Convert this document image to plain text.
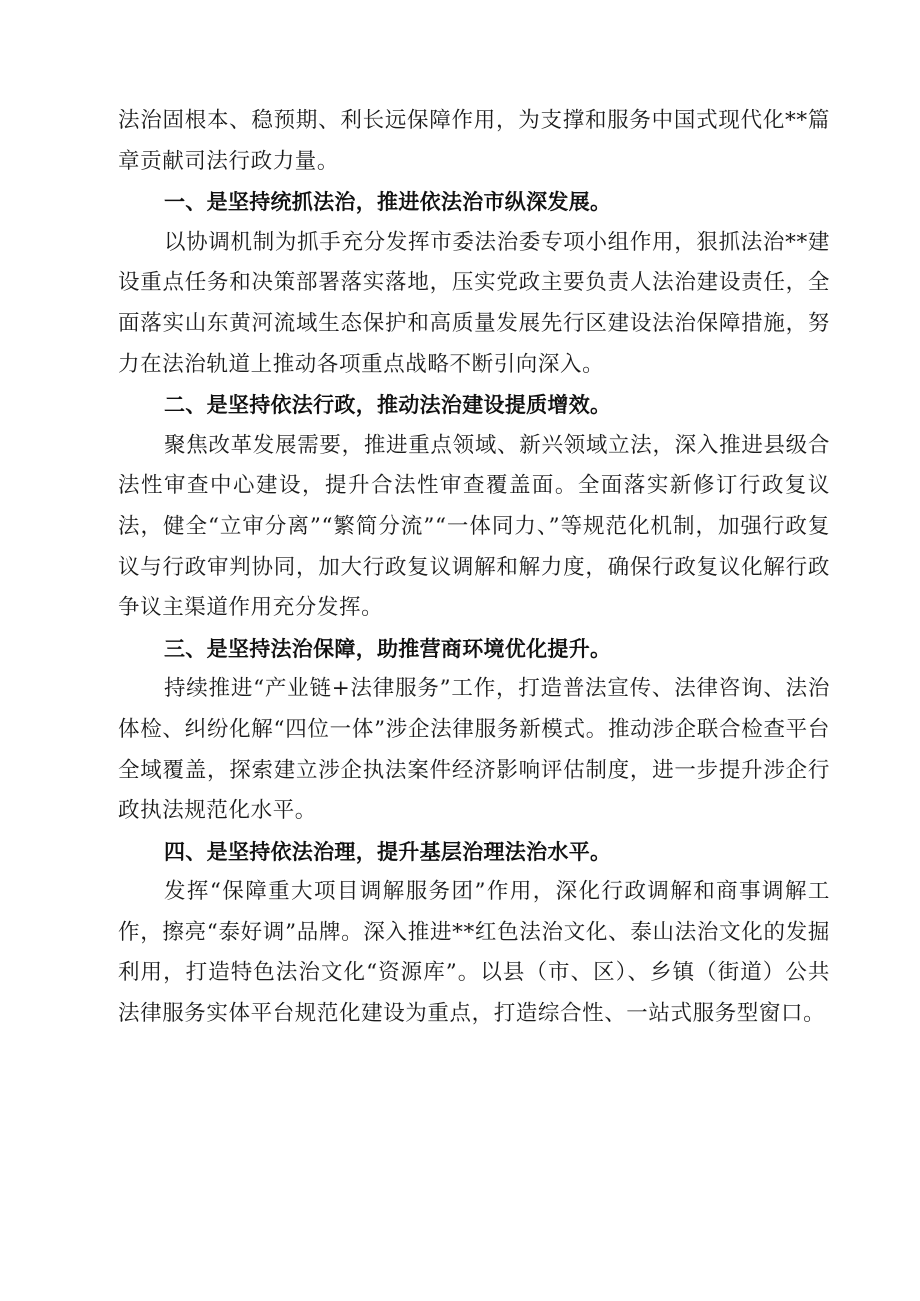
法治固根本、稳预期、利长远保障作用，为支撑和服务中国式现代化**篇章贡献司法行政力量。

一、是坚持统抓法治，推进依法治市纵深发展。

以协调机制为抓手充分发挥市委法治委专项小组作用，狠抓法治**建设重点任务和决策部署落实落地，压实党政主要负责人法治建设责任，全面落实山东黄河流域生态保护和高质量发展先行区建设法治保障措施，努力在法治轨道上推动各项重点战略不断引向深入。

二、是坚持依法行政，推动法治建设提质增效。

聚焦改革发展需要，推进重点领域、新兴领域立法，深入推进县级合法性审查中心建设，提升合法性审查覆盖面。全面落实新修订行政复议法，健全“立审分离”“繁简分流”“一体同力、”等规范化机制，加强行政复议与行政审判协同，加大行政复议调解和解力度，确保行政复议化解行政争议主渠道作用充分发挥。

三、是坚持法治保障，助推营商环境优化提升。

持续推进“产业链+法律服务”工作，打造普法宣传、法律咨询、法治体检、纠纷化解“四位一体”涉企法律服务新模式。推动涉企联合检查平台全域覆盖，探索建立涉企执法案件经济影响评估制度，进一步提升涉企行政执法规范化水平。

四、是坚持依法治理，提升基层治理法治水平。

发挥“保障重大项目调解服务团”作用，深化行政调解和商事调解工作，擦亮“泰好调”品牌。深入推进**红色法治文化、泰山法治文化的发掘利用，打造特色法治文化“资源库”。以县（市、区）、乡镇（街道）公共法律服务实体平台规范化建设为重点，打造综合性、一站式服务型窗口。
